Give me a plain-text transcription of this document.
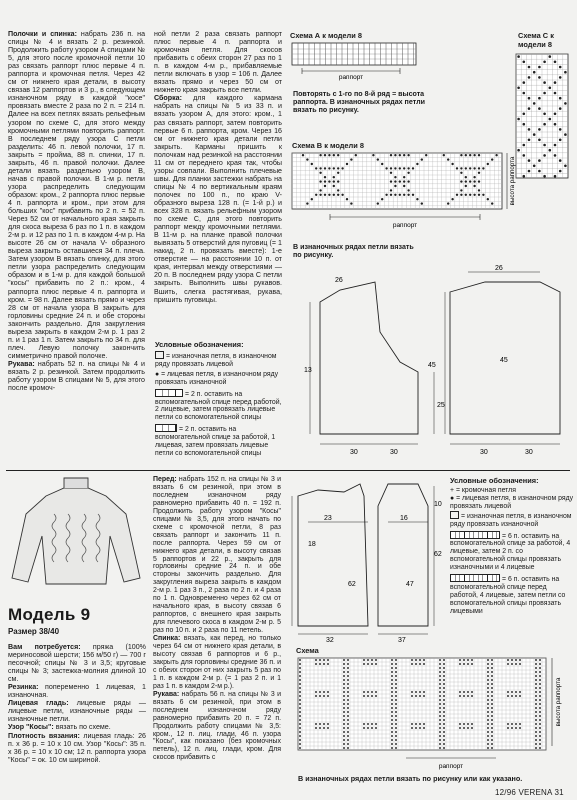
Полочки и спинка: набрать 236 п. на спицы № 4 и вязать 2 р. резинкой. Продолжить работу узором А спицами № 5, для этого после кромочной петли 10 раз связать раппорт плюс первые 4 п. раппорта и кромочная петля. Через 42 см от нижнего края детали, в высоту связав 12 раппортов и 3 р., в следующем изнаночном ряду в каждой "косе" провязать вместе 2 раза по 2 п. = 214 п. Далее на всех петлях вязать рельефным узором по схеме С, для этого между кромочными петлями повторить раппорт. В последнем ряду узора С петли разделить: 46 п. левой полочки, 17 п. закрыть = пройма, 88 п. спинки, 17 п. закрыть, 46 п. правой полочки. Далее детали вязать раздельно узором В, начав с правой полочки. В 1-м р. петли узора распределить следующим образом: кром., 2 раппорта плюс первые 4 п. раппорта и кром., при этом для больших "кос" прибавить по 2 п. = 52 п. Через 52 см от начального края закрыть для скоса выреза 6 раз по 1 п. в каждом 2-м р. и 12 раз по 1 п. в каждом 4-м р. На высоте 26 см от начала V- образного выреза закрыть оставшиеся 34 п. плеча. Затем узором В вязать спинку, для этого петли узора распределить следующим образом и в 1-м р. для каждой большой "косы" прибавить по 2 п.: кром., 4 раппорта плюс первые 4 п. раппорта и кром. = 98 п. Далее вязать прямо и через 28 см от начала узора В закрыть для горловины средние 24 п. и обе стороны закончить раздельно. Для закругления выреза закрыть в каждом 2-м р. 1 раз 2 п. и 1 раз 1 п. Затем закрыть по 34 п. для плеч. Левую полочку закончить симметрично правой полочке.

Рукава: набрать 52 п. на спицы № 4 и вязать 2 р. резинкой. Затем продолжить работу узором В спицами № 5, для этого после кромоч-

ной петли 2 раза связать раппорт плюс первые 4 п. раппорта и кромочная петля. Для скосов прибавить с обеих сторон 27 раз по 1 п. в каждом 4-м р., прибавляемые петли включать в узор = 106 п. Далее вязать прямо и через 50 см от нижнего края закрыть все петли.

Сборка: для каждого кармана набрать на спицы № 5 из 33 п. и вязать узором А, для этого: кром., 1 раз связать раппорт, затем повторить первые 6 п. раппорта, кром. Через 16 см от нижнего края детали петли закрыть. Карманы пришить к полочкам над резинкой на расстоянии 11 см от переднего края так, чтобы узоры совпали. Выполнить плечевые швы. Для планки застежки набрать на спицы № 4 по вертикальным краям полочек по 100 п., по краю V-образного выреза 128 п. (= 1-й р.) и всех 328 п. вязать рельефным узором по схеме С, для этого повторить раппорт между кромочными петлями. В 11-м р. на планке правой полочки вывязать 5 отверстий для пуговиц (= 1 накид, 2 п. провязать вместе): 1-е отверстие — на расстоянии 10 п. от края, интервал между отверстиями — 20 п. В последнем ряду узора С петли закрыть. Выполнить швы рукавов. Вшить, слегка растягивая, рукава, пришить пуговицы.

Условные обозначения:
= изнаночная петля, в изнаночном ряду провязать лицевой
● = лицевая петля, в изнаночном ряду провязать изнаночной
= 2 п. оставить на вспомогательной спице перед работой, 2 лицевые, затем провязать лицевые петли со вспомогательной спицы
= 2 п. оставить на вспомогательной спице за работой, 1 лицевая, затем провязать лицевые петли со вспомогательной спицы
Схема А к модели 8
раппорт
Повторять с 1-го по 8-й ряд = высота раппорта. В изнаночных рядах петли вязать по рисунку.
Схема С к модели 8
Схема В к модели 8
раппорт
высота раппорта
В изнаночных рядах петли вязать по рисунку.
30	30
13
25
45
45
30	30
26
26
Модель 9
Размер 38/40

Вам потребуется: пряжа (100% мериносовой шерсти; 156 м/50 г) — 700 г песочной; спицы № 3 и 3,5; круговые спицы № 3; застежка-молния длиной 10 см.

Резинка: попеременно 1 лицевая, 1 изнаночная.

Лицевая гладь: лицевые ряды — лицевые петли, изнаночные ряды — изнаночные петли.

Узор "Косы": вязать по схеме.

Плотность вязания: лицевая гладь: 26 п. х 36 р. = 10 х 10 см. Узор "Косы": 35 п. х 36 р. = 10 х 10 см; 12 п. раппорта узора "Косы" = ок. 10 см шириной.

Перед: набрать 152 п. на спицы № 3 и вязать 6 см резинкой, при этом в последнем изнаночном ряду равномерно прибавить 40 п. = 192 п. Продолжить работу узором "Косы" спицами № 3,5, для этого начать по схеме с кромочной петли, 8 раз связать раппорт и закончить 11 п. после раппорта. Через 59 см от нижнего края детали, в высоту связав 5 раппортов и 22 р., закрыть для горловины средние 24 п. и обе стороны закончить раздельно. Для закругления выреза закрыть в каждом 2-м р. 1 раз 3 п., 2 раза по 2 п. и 4 раза по 1 п. Одновременно через 62 см от начального края, в высоту связав 6 раппортов, с внешнего края закрыть для плечевого скоса в каждом 2-м р. 5 раз по 10 п. и 2 раза по 11 петель.

Спинка: вязать, как перед, но только через 64 см от нижнего края детали, в высоту связав 6 раппортов и 6 р., закрыть для горловины средние 36 п. и с обеих сторон от них закрыть 5 раз по 1 п. в каждом 2-м р. (= 1 раз 2 п. и 1 раз 1 п. в каждом 2-м р.).

Рукава: набрать 56 п. на спицы № 3 и вязать 6 см резинкой, при этом в последнем изнаночном ряду равномерно прибавить 20 п. = 72 п. Продолжить работу спицами № 3,5: кром., 12 п. лиц. глади, 46 п. узора "Косы", как показано (без кромочных петель), 12 п. лиц. глади, кром. Для скосов прибавить с

23	16
18
62	47
62
32	37
10
Условные обозначения:
+ = кромочная петля
● = лицевая петля, в изнаночном ряду провязать лицевой
= изнаночная петля, в изнаночном ряду провязать изнаночной
= 6 п. оставить на вспомогательной спице за работой, 4 лицевые, затем 2 п. со вспомогательной спицы провязать изнаночными и 4 лицевые
= 6 п. оставить на вспомогательной спице перед работой, 4 лицевые, затем петли со вспомогательной спицы провязать лицевыми
Схема
высота раппорта
раппорт
В изнаночных рядах петли вязать по рисунку или как указано.
12/96 VERENA 31
